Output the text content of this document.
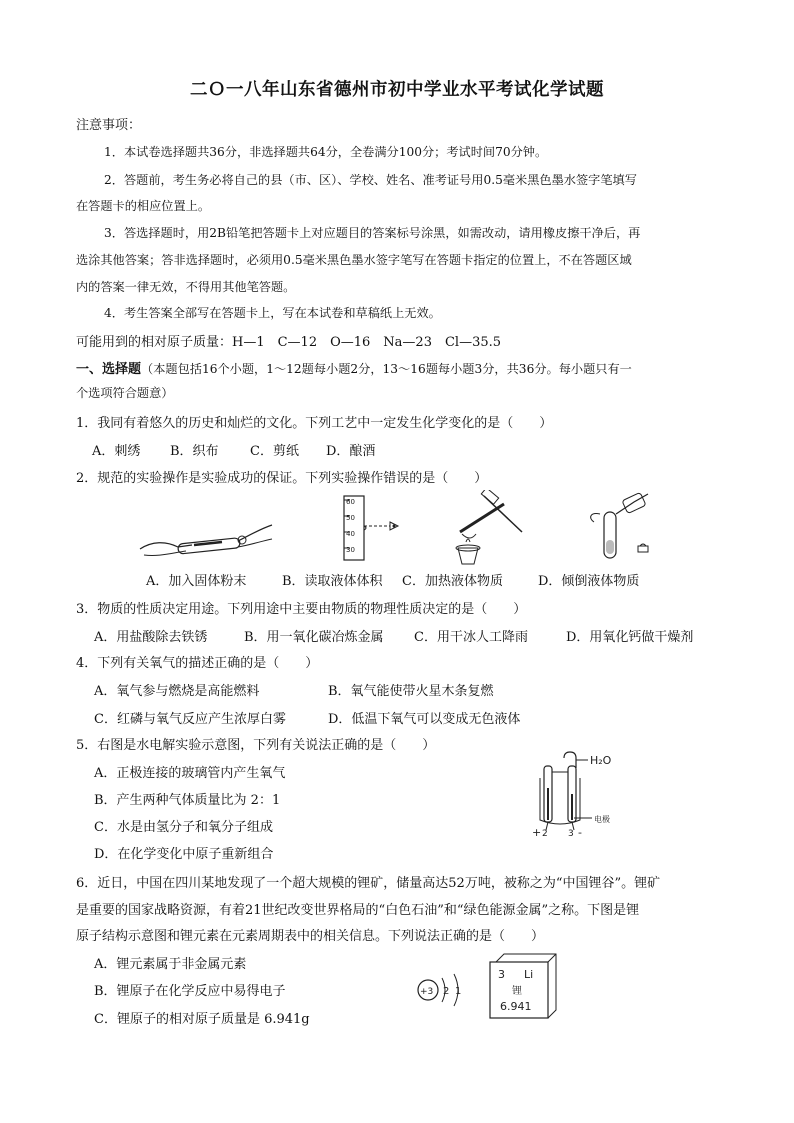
二Ｏ一八年山东省德州市初中学业水平考试化学试题
注意事项：
1．本试卷选择题共36分，非选择题共64分，全卷满分100分；考试时间70分钟。
2．答题前，考生务必将自己的县（市、区）、学校、姓名、准考证号用0.5毫米黑色墨水签字笔填写
在答题卡的相应位置上。
3．答选择题时，用2B铅笔把答题卡上对应题目的答案标号涂黑，如需改动，请用橡皮擦干净后，再
选涂其他答案；答非选择题时，必须用0.5毫米黑色墨水签字笔写在答题卡指定的位置上，不在答题区域
内的答案一律无效，不得用其他笔答题。
4．考生答案全部写在答题卡上，写在本试卷和草稿纸上无效。
可能用到的相对原子质量：H—1　C—12　O—16　Na—23　Cl—35.5
一、选择题（本题包括16个小题，1～12题每小题2分，13～16题每小题3分，共36分。每小题只有一
个选项符合题意）
1．我同有着悠久的历史和灿烂的文化。下列工艺中一定发生化学变化的是（　　）
A．刺绣 B．织布 C．剪纸 D．酿酒
2．规范的实验操作是实验成功的保证。下列实验操作错误的是（　　）
60
50
40
30
A．加入固体粉末	B．读取液体体积 C．加热液体物质	D．倾倒液体物质
3．物质的性质决定用途。下列用途中主要由物质的物理性质决定的是（　　）
A．用盐酸除去铁锈	B．用一氧化碳冶炼金属 C．用干冰人工降雨	D．用氧化钙做干燥剂
4．下列有关氧气的描述正确的是（　　）
A．氧气参与燃烧是高能燃料	B．氧气能使带火星木条复燃
C．红磷与氧气反应产生浓厚白雾	D．低温下氧气可以变成无色液体
5．右图是水电解实验示意图，下列有关说法正确的是（　　）
A．正极连接的玻璃管内产生氧气
B．产生两种气体质量比为 2：1
C．水是由氢分子和氧分子组成
D．在化学变化中原子重新组合
H₂O
电极
+ 2 3 -
6．近日，中国在四川某地发现了一个超大规模的锂矿，储量高达52万吨，被称之为“中国锂谷”。锂矿
是重要的国家战略资源，有着21世纪改变世界格局的“白色石油”和“绿色能源金属”之称。下图是锂
原子结构示意图和锂元素在元素周期表中的相关信息。下列说法正确的是（　　）
A．锂元素属于非金属元素
B．锂原子在化学反应中易得电子
C．锂原子的相对原子质量是 6.941g
+3 2 1
3 Li
锂
6.941
